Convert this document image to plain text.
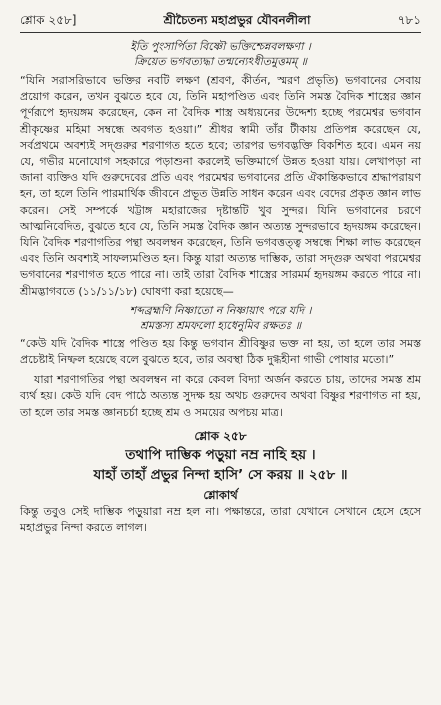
শ্লোক ২৫৮]	শ্রীচৈতন্য মহাপ্রভুর যৌবনলীলা	৭৮১
ইতি পুংসার্পিতা বিষ্ণৌ ভক্তিশ্চেন্নবলক্ষণা ।
ক্রিয়েত ভগবত্যদ্ধা তন্মন্যেঽধীতমুত্তমম্ ॥

“যিনি সরাসরিভাবে ভক্তির নবটি লক্ষণ (শ্রবণ, কীর্তন, স্মরণ প্রভৃতি) ভগবানের সেবায় প্রয়োগ করেন, তখন বুঝতে হবে যে, তিনি মহাপণ্ডিত এবং তিনি সমস্ত বৈদিক শাস্ত্রের জ্ঞান পূর্ণরূপে হৃদয়ঙ্গম করেছেন, কেন না বৈদিক শাস্ত্র অধ্যয়নের উদ্দেশ্য হচ্ছে পরমেশ্বর ভগবান শ্রীকৃষ্ণের মহিমা সম্বন্ধে অবগত হওয়া।” শ্রীধর স্বামী তাঁর টীকায় প্রতিপন্ন করেছেন যে, সর্বপ্রথমে অবশ্যই সদ্গুরুর শরণাগত হতে হবে; তারপর ভগবদ্ভক্তি বিকশিত হবে। এমন নয় যে, গভীর মনোযোগ সহকারে পড়াশুনা করলেই ভক্তিমার্গে উন্নত হওয়া যায়। লেখাপড়া না জানা ব্যক্তিও যদি গুরুদেবের প্রতি এবং পরমেশ্বর ভগবানের প্রতি ঐকান্তিকভাবে শ্রদ্ধাপরায়ণ হন, তা হলে তিনি পারমার্থিক জীবনে প্রভূত উন্নতি সাধন করেন এবং বেদের প্রকৃত জ্ঞান লাভ করেন। সেই সম্পর্কে খট্টাঙ্গ মহারাজের দৃষ্টান্তটি খুব সুন্দর। যিনি ভগবানের চরণে আত্মনিবেদিত, বুঝতে হবে যে, তিনি সমস্ত বৈদিক জ্ঞান অত্যন্ত সুন্দরভাবে হৃদয়ঙ্গম করেছেন। যিনি বৈদিক শরণাগতির পন্থা অবলম্বন করেছেন, তিনি ভগবত্তত্ত্ব সম্বন্ধে শিক্ষা লাভ করেছেন এবং তিনি অবশ্যই সাফল্যমণ্ডিত হন। কিন্তু যারা অত্যন্ত দাম্ভিক, তারা সদ্গুরু অথবা পরমেশ্বর ভগবানের শরণাগত হতে পারে না। তাই তারা বৈদিক শাস্ত্রের সারমর্ম হৃদয়ঙ্গম করতে পারে না। শ্রীমদ্ভাগবতে (১১/১১/১৮) ঘোষণা করা হয়েছে—

শব্দব্রহ্মণি নিষ্ণাতো ন নিষ্ণায়াৎ পরে যদি ।
শ্রমস্তস্য শ্রমফলো হ্যধেনুমিব রক্ষতঃ ॥

“কেউ যদি বৈদিক শাস্ত্রে পণ্ডিত হয় কিন্তু ভগবান শ্রীবিষ্ণুর ভক্ত না হয়, তা হলে তার সমস্ত প্রচেষ্টাই নিষ্ফল হয়েছে বলে বুঝতে হবে, তার অবস্থা ঠিক দুগ্ধহীনা গাভী পোষার মতো।”

যারা শরণাগতির পন্থা অবলম্বন না করে কেবল বিদ্যা অর্জন করতে চায়, তাদের সমস্ত শ্রম ব্যর্থ হয়। কেউ যদি বেদ পাঠে অত্যন্ত সুদক্ষ হয় অথচ গুরুদেব অথবা বিষ্ণুর শরণাগত না হয়, তা হলে তার সমস্ত জ্ঞানচর্চা হচ্ছে শ্রম ও সময়ের অপচয় মাত্র।

শ্লোক ২৫৮
তথাপি দাম্ভিক পড়ুয়া নম্র নাহি হয় ।
যাহাঁ তাহাঁ প্রভুর নিন্দা হাসি’ সে করয় ॥ ২৫৮ ॥
শ্লোকার্থ

কিন্তু তবুও সেই দাম্ভিক পড়ুয়ারা নম্র হল না। পক্ষান্তরে, তারা যেখানে সেখানে হেসে হেসে মহাপ্রভুর নিন্দা করতে লাগল।
